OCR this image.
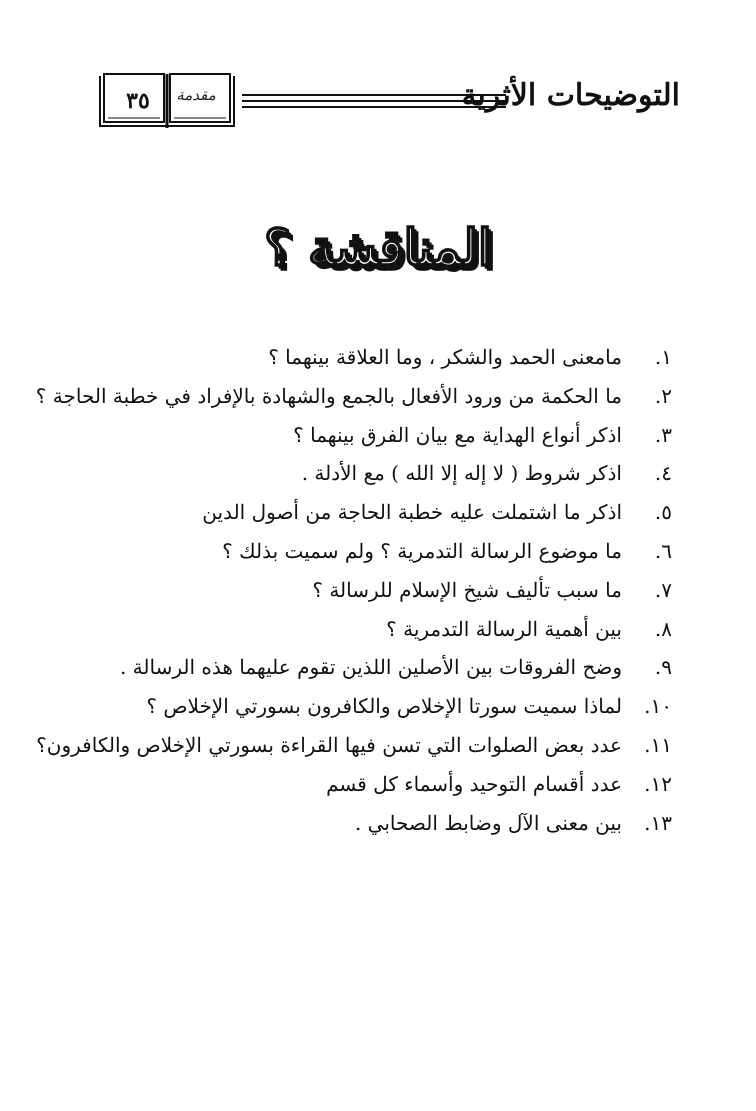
٣٥	مقدمة	التوضيحات الأثرية
المناقشة ؟
١.مامعنى الحمد والشكر ، وما العلاقة بينهما ؟
٢.ما الحكمة من ورود الأفعال بالجمع والشهادة بالإفراد في خطبة الحاجة ؟
٣.اذكر أنواع الهداية مع بيان الفرق بينهما ؟
٤.اذكر شروط ( لا إله إلا الله ) مع الأدلة .
٥.اذكر ما اشتملت عليه خطبة الحاجة من أصول الدين
٦.ما موضوع الرسالة التدمرية ؟ ولم سميت بذلك ؟
٧.ما سبب تأليف شيخ الإسلام للرسالة ؟
٨.بين أهمية الرسالة التدمرية ؟
٩.وضح الفروقات بين الأصلين اللذين تقوم عليهما هذه الرسالة .
١٠.لماذا سميت سورتا الإخلاص والكافرون بسورتي الإخلاص ؟
١١.عدد بعض الصلوات التي تسن فيها القراءة بسورتي الإخلاص والكافرون؟
١٢.عدد أقسام التوحيد وأسماء كل قسم
١٣.بين معنى الآل وضابط الصحابي .
